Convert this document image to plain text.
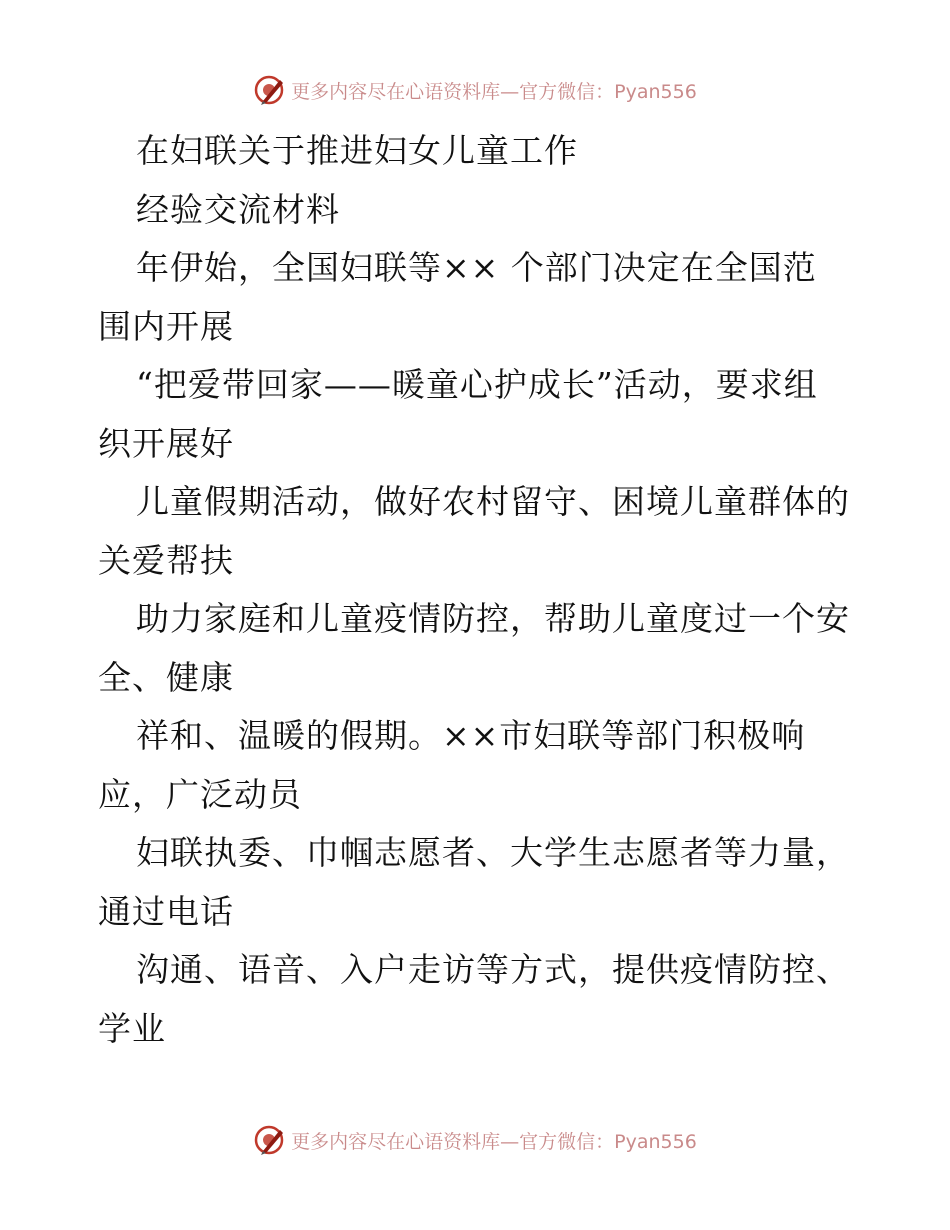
更多内容尽在心语资料库—官方微信：Pyan556
在妇联关于推进妇女儿童工作
经验交流材料
年伊始，全国妇联等×× 个部门决定在全国范
围内开展
“把爱带回家——暖童心护成长”活动，要求组
织开展好
儿童假期活动，做好农村留守、困境儿童群体的
关爱帮扶
助力家庭和儿童疫情防控，帮助儿童度过一个安
全、健康
祥和、温暖的假期。××市妇联等部门积极响
应，广泛动员
妇联执委、巾帼志愿者、大学生志愿者等力量，
通过电话
沟通、语音、入户走访等方式，提供疫情防控、
学业
更多内容尽在心语资料库—官方微信：Pyan556
